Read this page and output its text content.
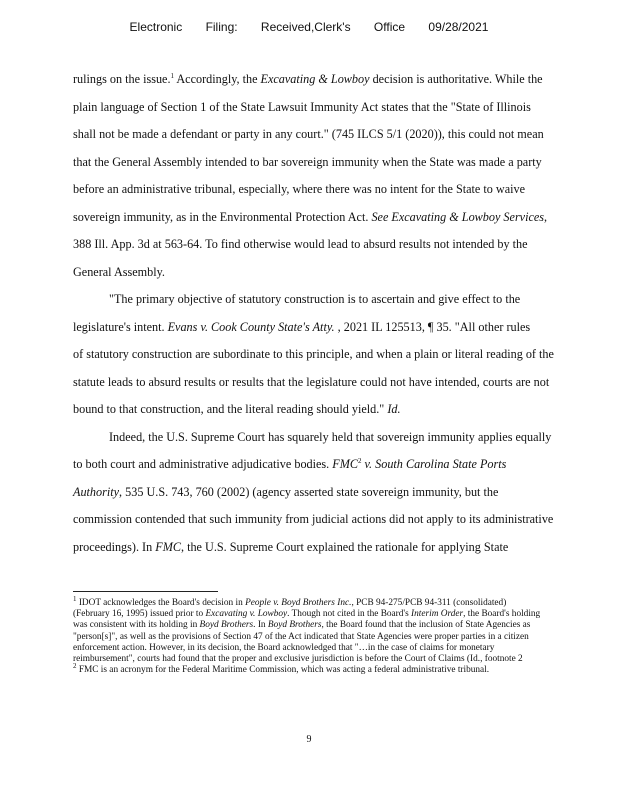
Electronic Filing: Received,Clerk's Office 09/28/2021

rulings on the issue.$^1$ Accordingly, the Excavating & Lowboy decision is authoritative. While the
plain language of Section 1 of the State Lawsuit Immunity Act states that the "State of Illinois
shall not be made a defendant or party in any court." (745 ILCS 5/1 (2020)), this could not mean
that the General Assembly intended to bar sovereign immunity when the State was made a party
before an administrative tribunal, especially, where there was no intent for the State to waive
sovereign immunity, as in the Environmental Protection Act. See Excavating & Lowboy Services,
388 Ill. App. 3d at 563-64. To find otherwise would lead to absurd results not intended by the
General Assembly.

"The primary objective of statutory construction is to ascertain and give effect to the
legislature's intent. Evans v. Cook County State's Atty. , 2021 IL 125513, ¶ 35. "All other rules
of statutory construction are subordinate to this principle, and when a plain or literal reading of the
statute leads to absurd results or results that the legislature could not have intended, courts are not
bound to that construction, and the literal reading should yield." Id.

Indeed, the U.S. Supreme Court has squarely held that sovereign immunity applies equally
to both court and administrative adjudicative bodies. FMC$^2$ v. South Carolina State Ports
Authority, 535 U.S. 743, 760 (2002) (agency asserted state sovereign immunity, but the
commission contended that such immunity from judicial actions did not apply to its administrative
proceedings). In FMC, the U.S. Supreme Court explained the rationale for applying State

$^1$ IDOT acknowledges the Board's decision in People v. Boyd Brothers Inc., PCB 94-275/PCB 94-311 (consolidated) (February 16, 1995) issued prior to Excavating v. Lowboy. Though not cited in the Board's Interim Order, the Board's holding was consistent with its holding in Boyd Brothers. In Boyd Brothers, the Board found that the inclusion of State Agencies as "person[s]", as well as the provisions of Section 47 of the Act indicated that State Agencies were proper parties in a citizen enforcement action. However, in its decision, the Board acknowledged that "…in the case of claims for monetary reimbursement", courts had found that the proper and exclusive jurisdiction is before the Court of Claims (Id., footnote 2

$^2$ FMC is an acronym for the Federal Maritime Commission, which was acting a federal administrative tribunal.

9
